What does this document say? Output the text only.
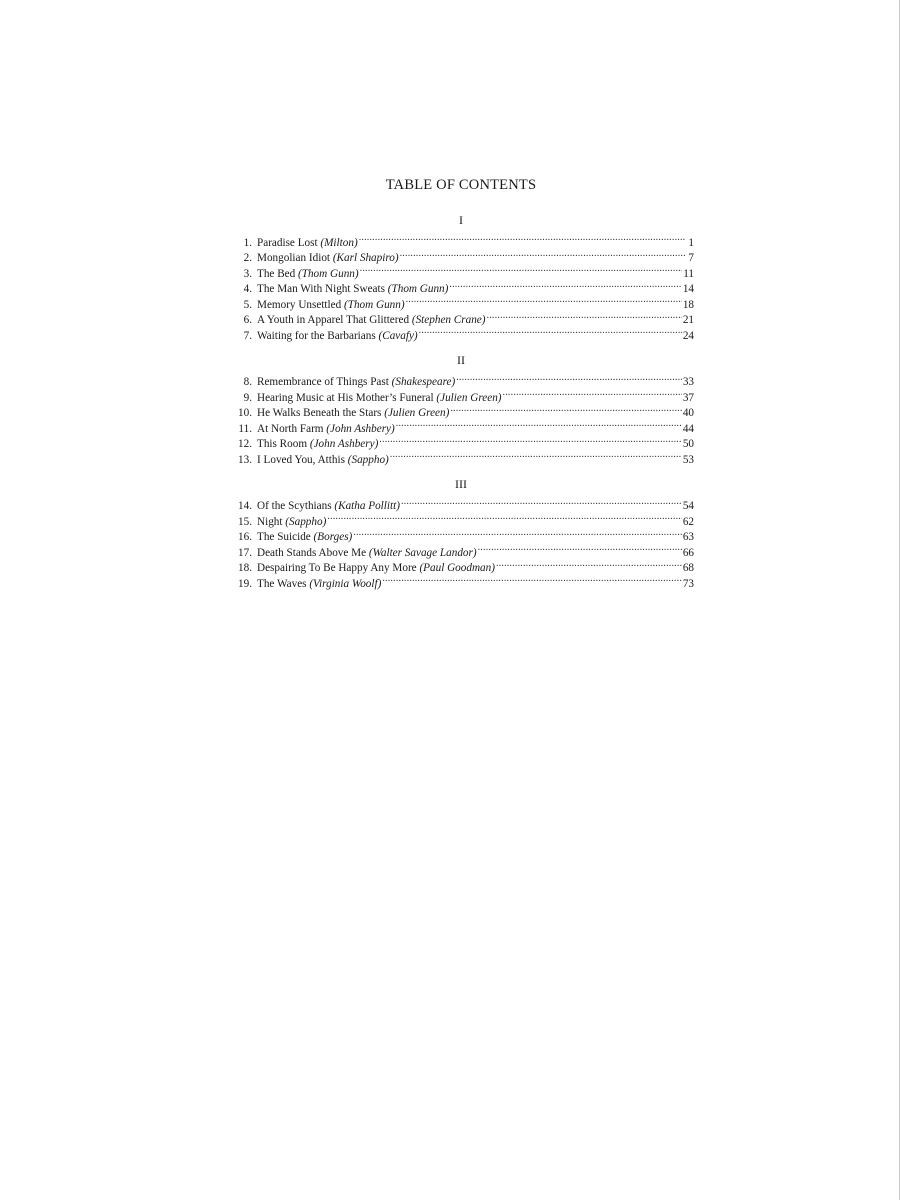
TABLE OF CONTENTS
I
1. Paradise Lost (Milton) .....	1
2. Mongolian Idiot (Karl Shapiro) .....	7
3. The Bed (Thom Gunn) .....	11
4. The Man With Night Sweats (Thom Gunn) .....	14
5. Memory Unsettled (Thom Gunn) .....	18
6. A Youth in Apparel That Glittered (Stephen Crane) .....	21
7. Waiting for the Barbarians (Cavafy) .....	24
II
8. Remembrance of Things Past (Shakespeare) .....	33
9. Hearing Music at His Mother’s Funeral (Julien Green) .....	37
10. He Walks Beneath the Stars (Julien Green) .....	40
11. At North Farm (John Ashbery) .....	44
12. This Room (John Ashbery) .....	50
13. I Loved You, Atthis (Sappho) .....	53
III
14. Of the Scythians (Katha Pollitt) .....	54
15. Night (Sappho) .....	62
16. The Suicide (Borges) .....	63
17. Death Stands Above Me (Walter Savage Landor) .....	66
18. Despairing To Be Happy Any More (Paul Goodman) .....	68
19. The Waves (Virginia Woolf) .....	73
